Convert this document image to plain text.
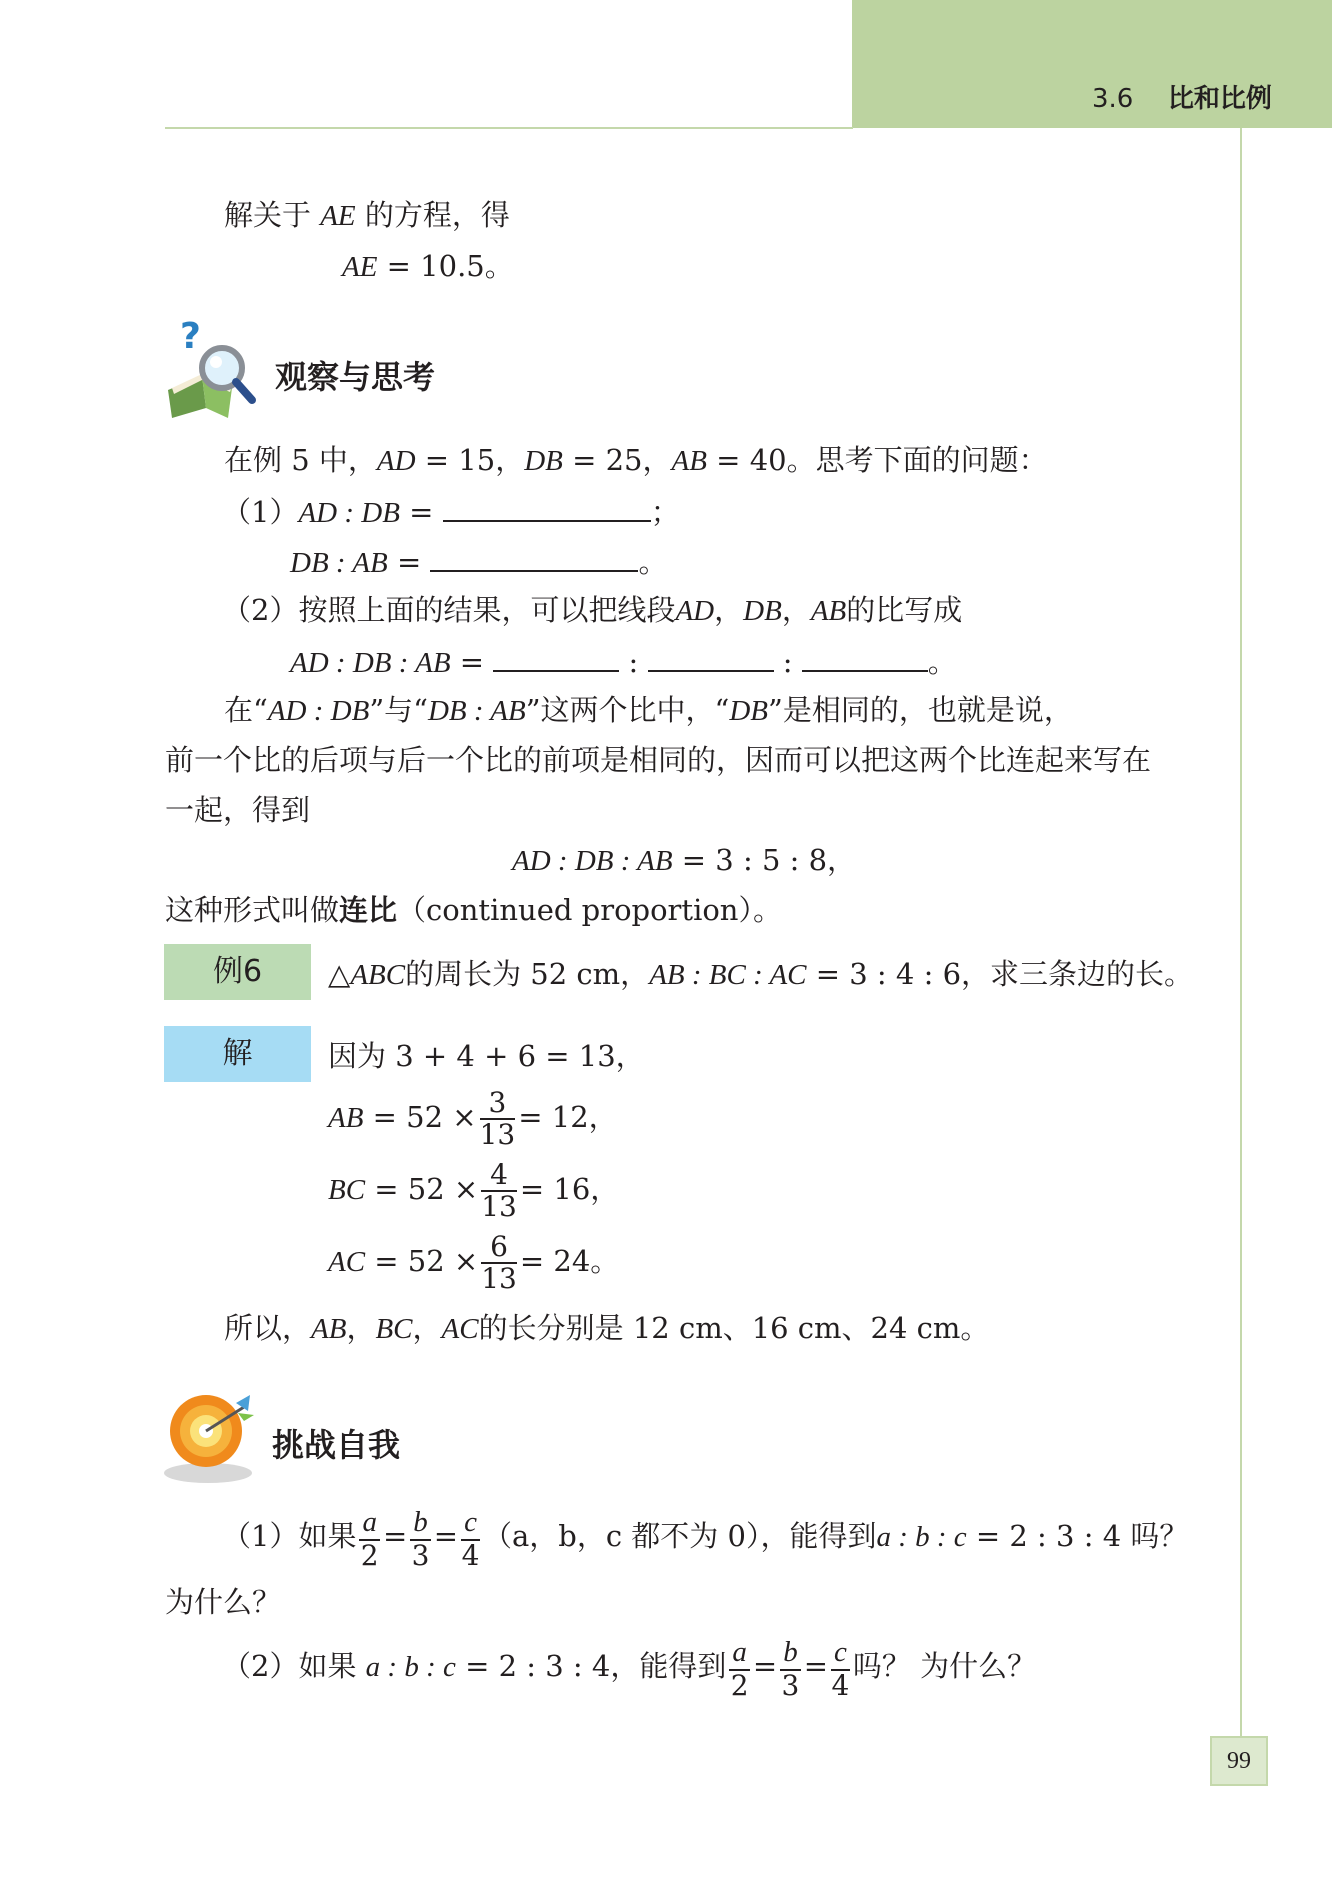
3.6 比和比例
解关于 AE 的方程，得
AE = 10.5。
?
观察与思考
在例 5 中，AD = 15，DB = 25，AB = 40。思考下面的问题：
（1）AD : DB =	；
DB : AB =	。
（2）按照上面的结果，可以把线段AD，DB，AB的比写成
AD : DB : AB =	:	:	。
在“AD : DB”与“DB : AB”这两个比中，“DB”是相同的，也就是说，
前一个比的后项与后一个比的前项是相同的，因而可以把这两个比连起来写在
一起，得到
AD : DB : AB = 3 : 5 : 8，
这种形式叫做连比（continued proportion）。
例6	△ABC的周长为 52 cm，AB : BC : AC = 3 : 4 : 6，求三条边的长。
解	因为 3 + 4 + 6 = 13，
AB = $52 \times \frac{3}{13} = 12$，
BC = $52 \times \frac{4}{13} = 16$，
AC = $52 \times \frac{6}{13} = 24$。
所以，AB，BC，AC的长分别是 12 cm、16 cm、24 cm。
挑战自我
（1）如果 $\frac{a}{2} = \frac{b}{3} = \frac{c}{4} (a$，b，c 都不为 0），能得到a : b : c = 2 : 3 : 4 吗？
为什么？
（2）如果 a : b : c = 2 : 3 : 4，能得到 $\frac{a}{2} = \frac{b}{3} = \frac{c}{4}$ 吗？ 为什么？
99
